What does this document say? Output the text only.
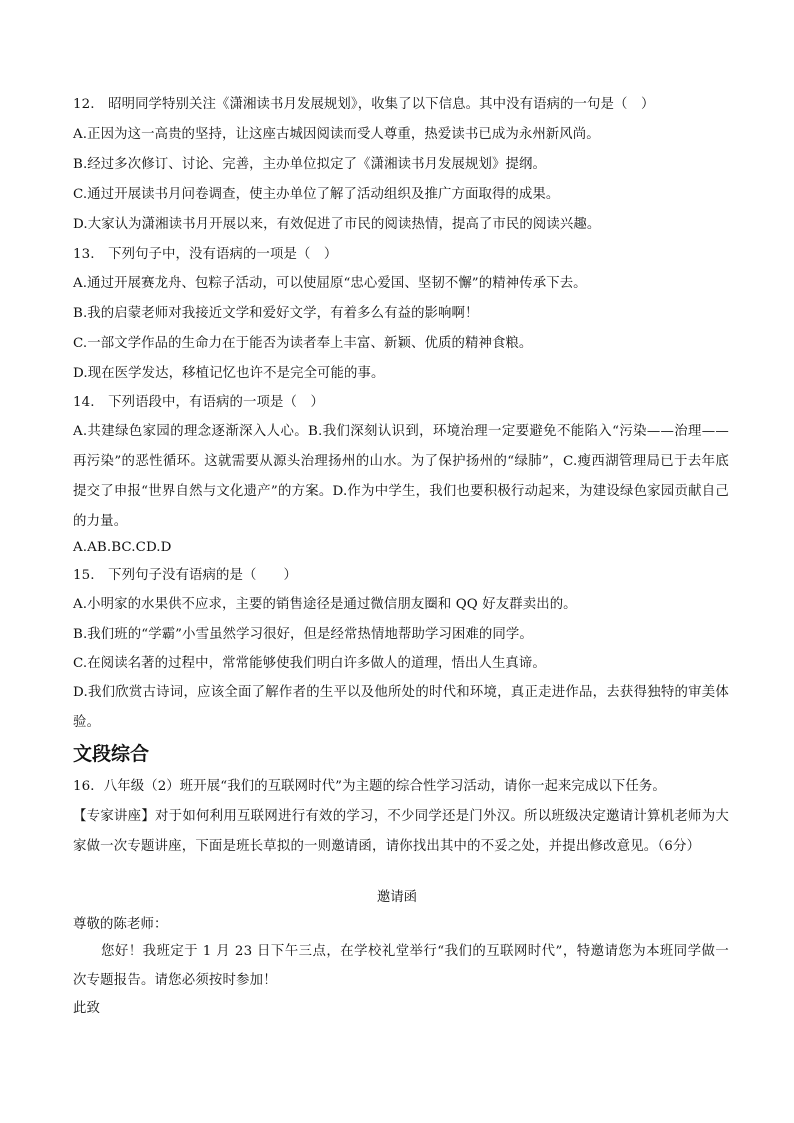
12.　昭明同学特别关注《潇湘读书月发展规划》，收集了以下信息。其中没有语病的一句是（　）
A.正因为这一高贵的坚持，让这座古城因阅读而受人尊重，热爱读书已成为永州新风尚。
B.经过多次修订、讨论、完善，主办单位拟定了《潇湘读书月发展规划》提纲。
C.通过开展读书月问卷调查，使主办单位了解了活动组织及推广方面取得的成果。
D.大家认为潇湘读书月开展以来，有效促进了市民的阅读热情，提高了市民的阅读兴趣。
13.　下列句子中，没有语病的一项是（　）
A.通过开展赛龙舟、包粽子活动，可以使屈原“忠心爱国、坚韧不懈”的精神传承下去。
B.我的启蒙老师对我接近文学和爱好文学，有着多么有益的影响啊！
C.一部文学作品的生命力在于能否为读者奉上丰富、新颖、优质的精神食粮。
D.现在医学发达，移植记忆也许不是完全可能的事。
14.　下列语段中，有语病的一项是（　）
A.共建绿色家园的理念逐渐深入人心。B.我们深刻认识到，环境治理一定要避免不能陷入“污染——治理——再污染”的恶性循环。这就需要从源头治理扬州的山水。为了保护扬州的“绿肺”，C.瘦西湖管理局已于去年底提交了申报“世界自然与文化遗产”的方案。D.作为中学生，我们也要积极行动起来，为建设绿色家园贡献自己的力量。
A.AB.BC.CD.D
15.　下列句子没有语病的是（　　）
A.小明家的水果供不应求，主要的销售途径是通过微信朋友圈和 QQ 好友群卖出的。
B.我们班的“学霸”小雪虽然学习很好，但是经常热情地帮助学习困难的同学。
C.在阅读名著的过程中，常常能够使我们明白许多做人的道理，悟出人生真谛。
D.我们欣赏古诗词，应该全面了解作者的生平以及他所处的时代和环境，真正走进作品，去获得独特的审美体验。
文段综合
16．八年级（2）班开展“我们的互联网时代”为主题的综合性学习活动，请你一起来完成以下任务。
【专家讲座】对于如何利用互联网进行有效的学习，不少同学还是门外汉。所以班级决定邀请计算机老师为大家做一次专题讲座，下面是班长草拟的一则邀请函，请你找出其中的不妥之处，并提出修改意见。（6分）
邀请函
尊敬的陈老师：
您好！我班定于 1 月 23 日下午三点，在学校礼堂举行“我们的互联网时代”，特邀请您为本班同学做一次专题报告。请您必须按时参加！
此致
